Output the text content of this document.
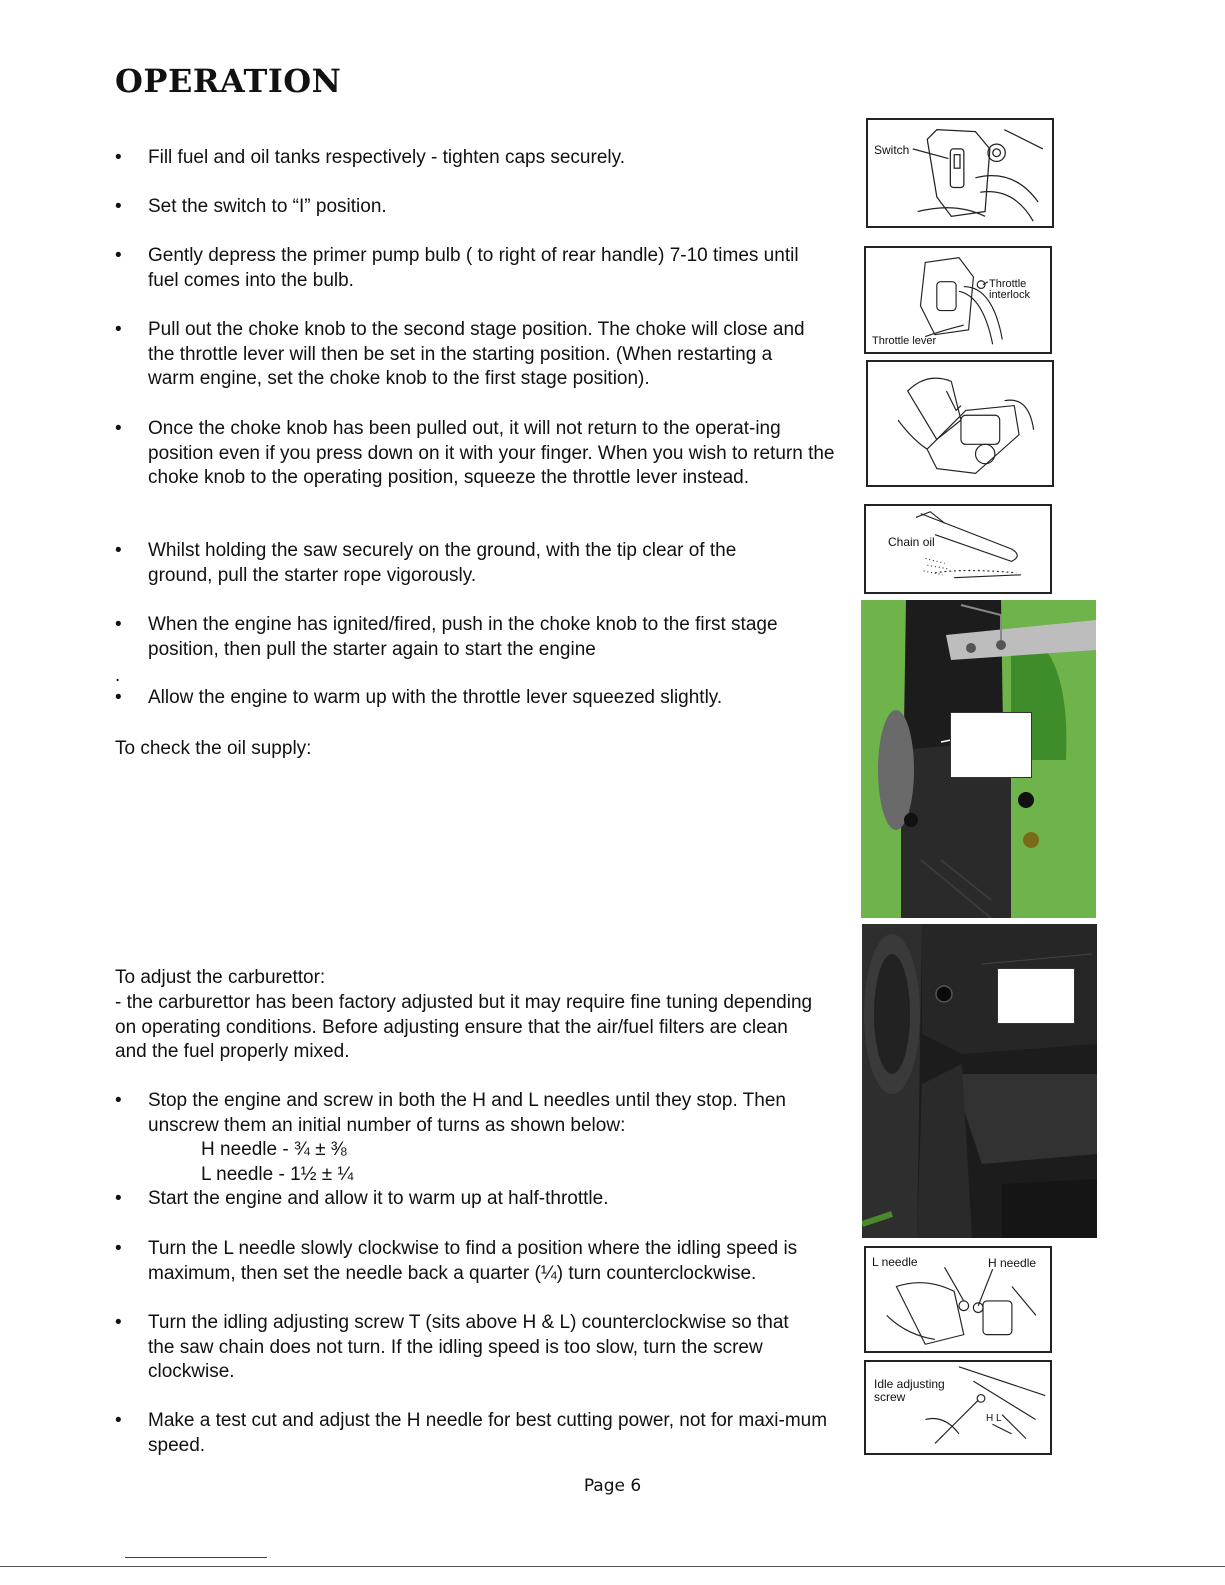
OPERATION
•	Fill fuel and oil tanks respectively - tighten caps securely.
•	Set the switch to “I” position.
•	Gently depress the primer pump bulb ( to right of rear handle) 7-10 times until fuel comes into the bulb.
•	Pull out the choke knob to the second stage position. The choke will close and the throttle lever will then be set in the starting position. (When restarting a warm engine, set the choke knob to the first stage position).
•	Once the choke knob has been pulled out, it will not return to the operat-ing position even if you press down on it with your finger. When you wish to return the choke knob to the operating position, squeeze the throttle lever instead.
•	Whilst holding the saw securely on the ground, with the tip clear of the ground, pull the starter rope vigorously.
•	When the engine has ignited/fired, push in the choke knob to the first stage position, then pull the starter again to start the engine
.
•	Allow the engine to warm up with the throttle lever squeezed slightly.
To check the oil supply:
To adjust the carburettor:
- the carburettor has been factory adjusted but it may require fine tuning depending on operating conditions. Before adjusting ensure that the air/fuel filters are clean and the fuel properly mixed.
•	Stop the engine and screw in both the H and L needles until they stop. Then unscrew them an initial number of turns as shown below:
H needle - ¾ ± ⅜
L needle - 1½ ± ¼
•	Start the engine and allow it to warm up at half-throttle.
•	Turn the L needle slowly clockwise to find a position where the idling speed is maximum, then set the needle back a quarter (¼) turn counterclockwise.
•	Turn the idling adjusting screw T (sits above H & L) counterclockwise so that the saw chain does not turn. If the idling speed is too slow, turn the screw clockwise.
•	Make a test cut and adjust the H needle for best cutting power, not for maxi-mum speed.
Switch
Throttle interlock
Throttle lever
Chain oil
L needle	H needle
Idle adjusting screw
H L
Page 6
